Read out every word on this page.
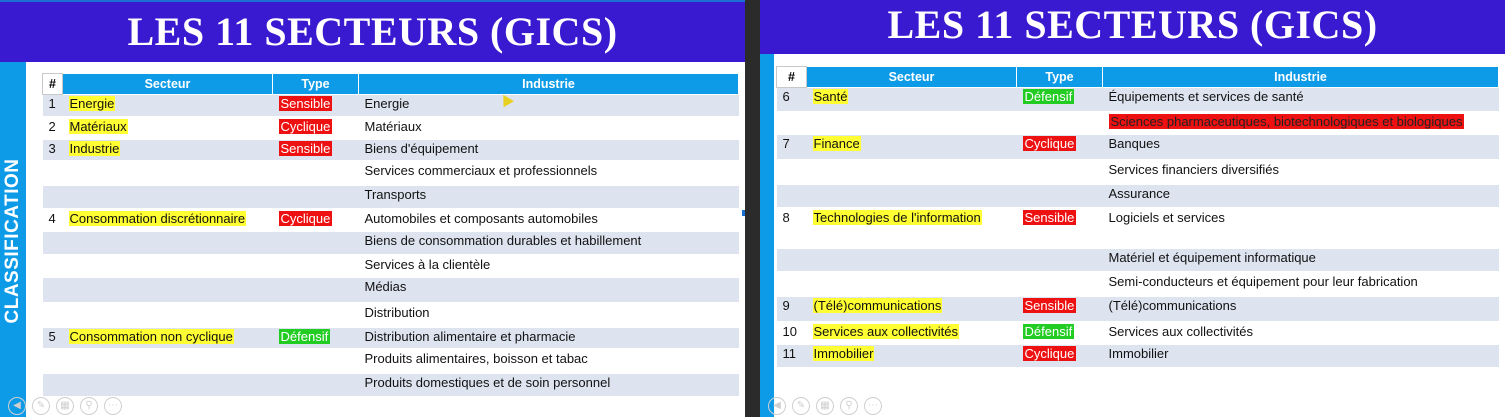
LES 11 SECTEURS (GICS)
CLASSIFICATION
#	Secteur	Type	Industrie
1	Energie	Sensible	Energie
2	Matériaux	Cyclique	Matériaux
3	Industrie	Sensible	Biens d'équipement
			Services commerciaux et professionnels
			Transports
4	Consommation discrétionnaire	Cyclique	Automobiles et composants automobiles
			Biens de consommation durables et habillement
			Services à la clientèle
			Médias
			Distribution
5	Consommation non cyclique	Défensif	Distribution alimentaire et pharmacie
			Produits alimentaires, boisson et tabac
			Produits domestiques et de soin personnel
◀	✎	▦	⚲	⋯
LES 11 SECTEURS (GICS)
◀	✎	▦	⚲	⋯
#	Secteur	Type	Industrie
6	Santé	Défensif	Équipements et services de santé
			Sciences pharmaceutiques, biotechnologiques et biologiques
7	Finance	Cyclique	Banques
			Services financiers diversifiés
			Assurance
8	Technologies de l'information	Sensible	Logiciels et services
			Matériel et équipement informatique
			Semi-conducteurs et équipement pour leur fabrication
9	(Télé)communications	Sensible	(Télé)communications
10	Services aux collectivités	Défensif	Services aux collectivités
11	Immobilier	Cyclique	Immobilier
